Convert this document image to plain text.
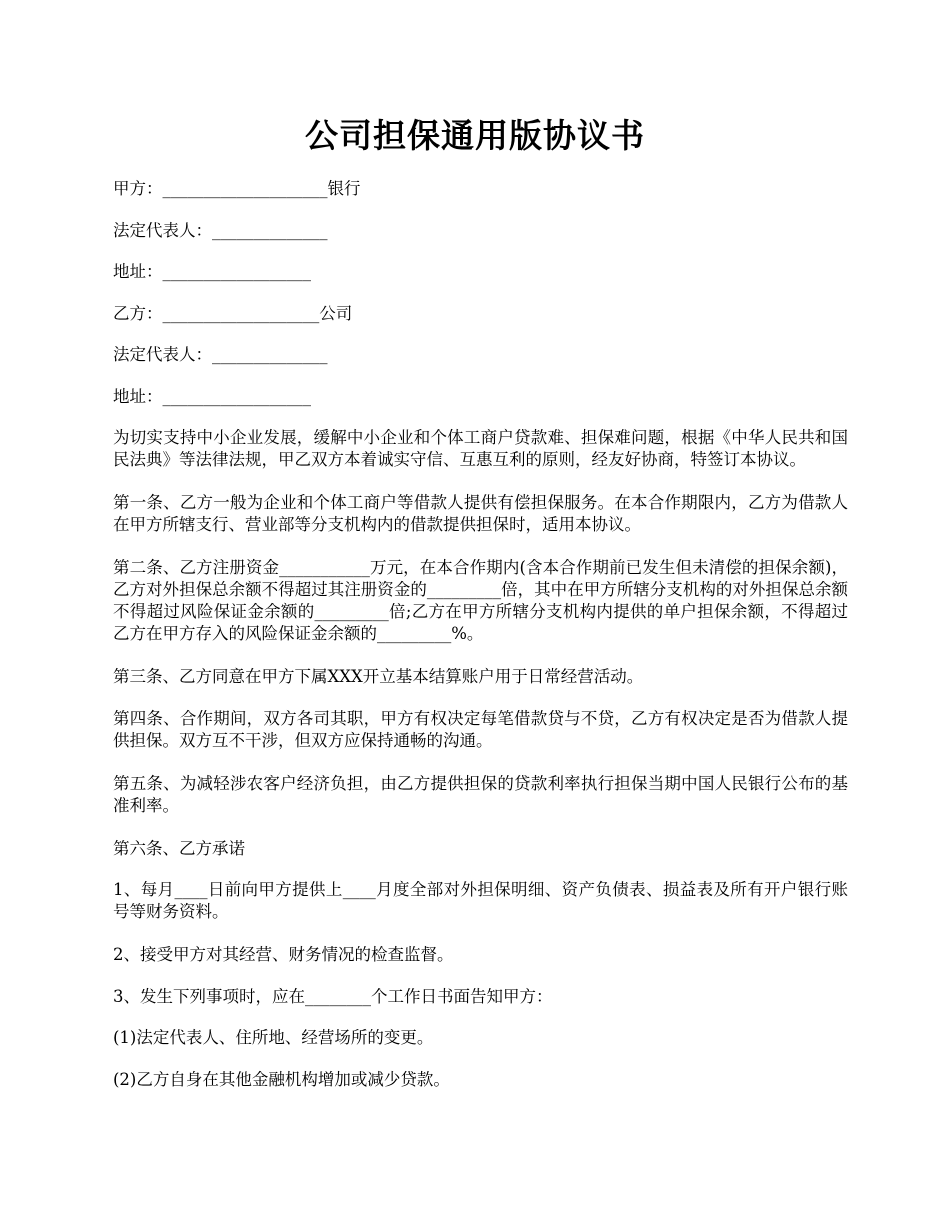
公司担保通用版协议书

甲方：____________________银行

法定代表人：______________

地址：__________________

乙方：___________________公司

法定代表人：______________

地址：__________________

为切实支持中小企业发展，缓解中小企业和个体工商户贷款难、担保难问题，根据《中华人民共和国民法典》等法律法规，甲乙双方本着诚实守信、互惠互利的原则，经友好协商，特签订本协议。

第一条、乙方一般为企业和个体工商户等借款人提供有偿担保服务。在本合作期限内，乙方为借款人在甲方所辖支行、营业部等分支机构内的借款提供担保时，适用本协议。

第二条、乙方注册资金___________万元，在本合作期内(含本合作期前已发生但未清偿的担保余额)，乙方对外担保总余额不得超过其注册资金的_________倍，其中在甲方所辖分支机构的对外担保总余额不得超过风险保证金余额的_________倍;乙方在甲方所辖分支机构内提供的单户担保余额，不得超过乙方在甲方存入的风险保证金余额的_________%。

第三条、乙方同意在甲方下属XXX开立基本结算账户用于日常经营活动。

第四条、合作期间，双方各司其职，甲方有权决定每笔借款贷与不贷，乙方有权决定是否为借款人提供担保。双方互不干涉，但双方应保持通畅的沟通。

第五条、为减轻涉农客户经济负担，由乙方提供担保的贷款利率执行担保当期中国人民银行公布的基准利率。

第六条、乙方承诺

1、每月____日前向甲方提供上____月度全部对外担保明细、资产负债表、损益表及所有开户银行账号等财务资料。

2、接受甲方对其经营、财务情况的检查监督。

3、发生下列事项时，应在________个工作日书面告知甲方：

(1)法定代表人、住所地、经营场所的变更。

(2)乙方自身在其他金融机构增加或减少贷款。
